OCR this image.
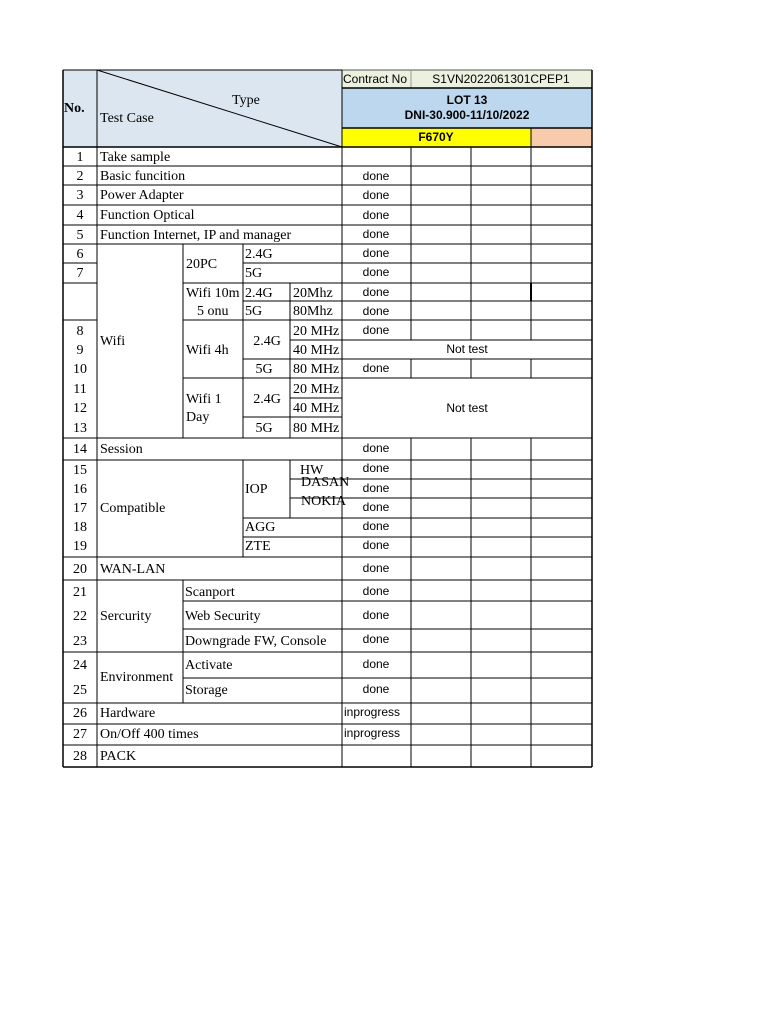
No.
Type
Test Case
Contract No S1VN2022061301CPEP1
LOT 13
DNI-30.900-11/10/2022
F670Y
1
2
3
4
5
6
7
8
9
10
11
12
13
14
15
16
17
18
19
20
21
22
23
24
25
26
27
28
Take sample
Basic funcition
Power Adapter
Function Optical
Function Internet, IP and manager
Wifi
20PC
Wifi 10m
5 onu
Wifi 4h
Wifi 1
Day
2.4G
5G
2.4G
5G
2.4G
5G
2.4G
5G
20Mhz
80Mhz
20 MHz
40 MHz
80 MHz
20 MHz
40 MHz
80 MHz
Session
Compatible
IOP
HW
DASAN
NOKIA
AGG
ZTE
WAN-LAN
Sercurity
Scanport
Web Security
Downgrade FW, Console
Environment
Activate
Storage
Hardware
On/Off 400 times
PACK
done
done
done
done
done
done
done
done
done
Not test
done
Not test
done
done
done
done
done
done
done
done
done
done
done
done
inprogress
inprogress
